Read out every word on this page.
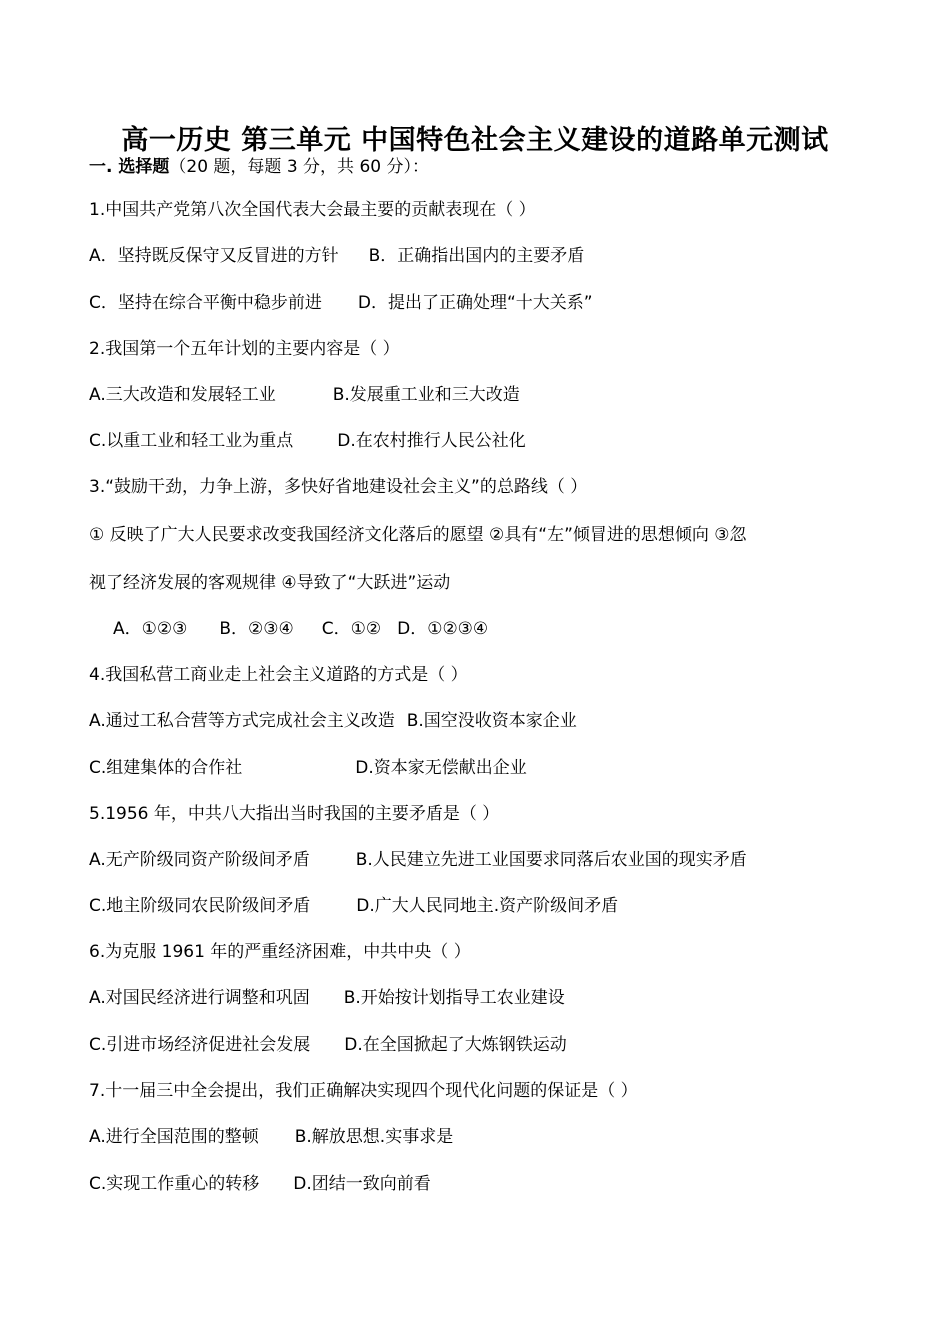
高一历史 第三单元 中国特色社会主义建设的道路单元测试
一. 选择题（20 题，每题 3 分，共 60 分）：
1.中国共产党第八次全国代表大会最主要的贡献表现在（ ）
A．坚持既反保守又反冒进的方针 B．正确指出国内的主要矛盾
C．坚持在综合平衡中稳步前进 D．提出了正确处理“十大关系”
2.我国第一个五年计划的主要内容是（ ）
A.三大改造和发展轻工业	B.发展重工业和三大改造
C.以重工业和轻工业为重点	D.在农村推行人民公社化
3.“鼓励干劲，力争上游，多快好省地建设社会主义”的总路线（ ）
① 反映了广大人民要求改变我国经济文化落后的愿望 ②具有“左”倾冒进的思想倾向 ③忽
视了经济发展的客观规律 ④导致了“大跃进”运动
A．①②③ B．②③④ C．①② D．①②③④
4.我国私营工商业走上社会主义道路的方式是（ ）
A.通过工私合营等方式完成社会主义改造 B.国空没收资本家企业
C.组建集体的合作社	D.资本家无偿献出企业
5.1956 年，中共八大指出当时我国的主要矛盾是（ ）
A.无产阶级同资产阶级间矛盾	B.人民建立先进工业国要求同落后农业国的现实矛盾
C.地主阶级同农民阶级间矛盾	D.广大人民同地主.资产阶级间矛盾
6.为克服 1961 年的严重经济困难，中共中央（ ）
A.对国民经济进行调整和巩固 B.开始按计划指导工农业建设
C.引进市场经济促进社会发展 D.在全国掀起了大炼钢铁运动
7.十一届三中全会提出，我们正确解决实现四个现代化问题的保证是（ ）
A.进行全国范围的整顿 B.解放思想.实事求是
C.实现工作重心的转移 D.团结一致向前看
